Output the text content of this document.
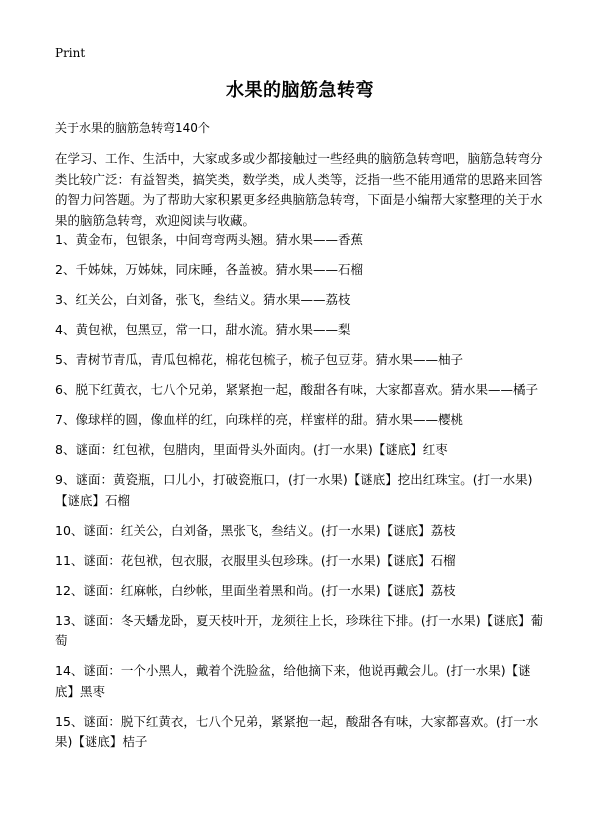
Print
水果的脑筋急转弯

关于水果的脑筋急转弯140个

在学习、工作、生活中，大家或多或少都接触过一些经典的脑筋急转弯吧，脑筋急转弯分类比较广泛：有益智类，搞笑类，数学类，成人类等，泛指一些不能用通常的思路来回答的智力问答题。为了帮助大家积累更多经典脑筋急转弯，下面是小编帮大家整理的关于水果的脑筋急转弯，欢迎阅读与收藏。

1、黄金布，包银条，中间弯弯两头翘。猜水果——香蕉
2、千姊妹，万姊妹，同床睡，各盖被。猜水果——石榴
3、红关公，白刘备，张飞，叁结义。猜水果——荔枝
4、黄包袱，包黑豆，常一口，甜水流。猜水果——梨
5、青树节青瓜，青瓜包棉花，棉花包梳子，梳子包豆芽。猜水果——柚子
6、脱下红黄衣，七八个兄弟，紧紧抱一起，酸甜各有味，大家都喜欢。猜水果——橘子
7、像球样的圆，像血样的红，向珠样的亮，样蜜样的甜。猜水果——樱桃
8、谜面：红包袱，包腊肉，里面骨头外面肉。(打一水果)【谜底】红枣
9、谜面：黄瓷瓶，口儿小，打破瓷瓶口，(打一水果)【谜底】挖出红珠宝。(打一水果)【谜底】石榴
10、谜面：红关公，白刘备，黑张飞，叁结义。(打一水果)【谜底】荔枝
11、谜面：花包袱，包衣服，衣服里头包珍珠。(打一水果)【谜底】石榴
12、谜面：红麻帐，白纱帐，里面坐着黑和尚。(打一水果)【谜底】荔枝
13、谜面：冬天蟠龙卧，夏天枝叶开，龙须往上长，珍珠往下排。(打一水果)【谜底】葡萄
14、谜面：一个小黑人，戴着个洗脸盆，给他摘下来，他说再戴会儿。(打一水果)【谜底】黑枣
15、谜面：脱下红黄衣，七八个兄弟，紧紧抱一起，酸甜各有味，大家都喜欢。(打一水果)【谜底】桔子
